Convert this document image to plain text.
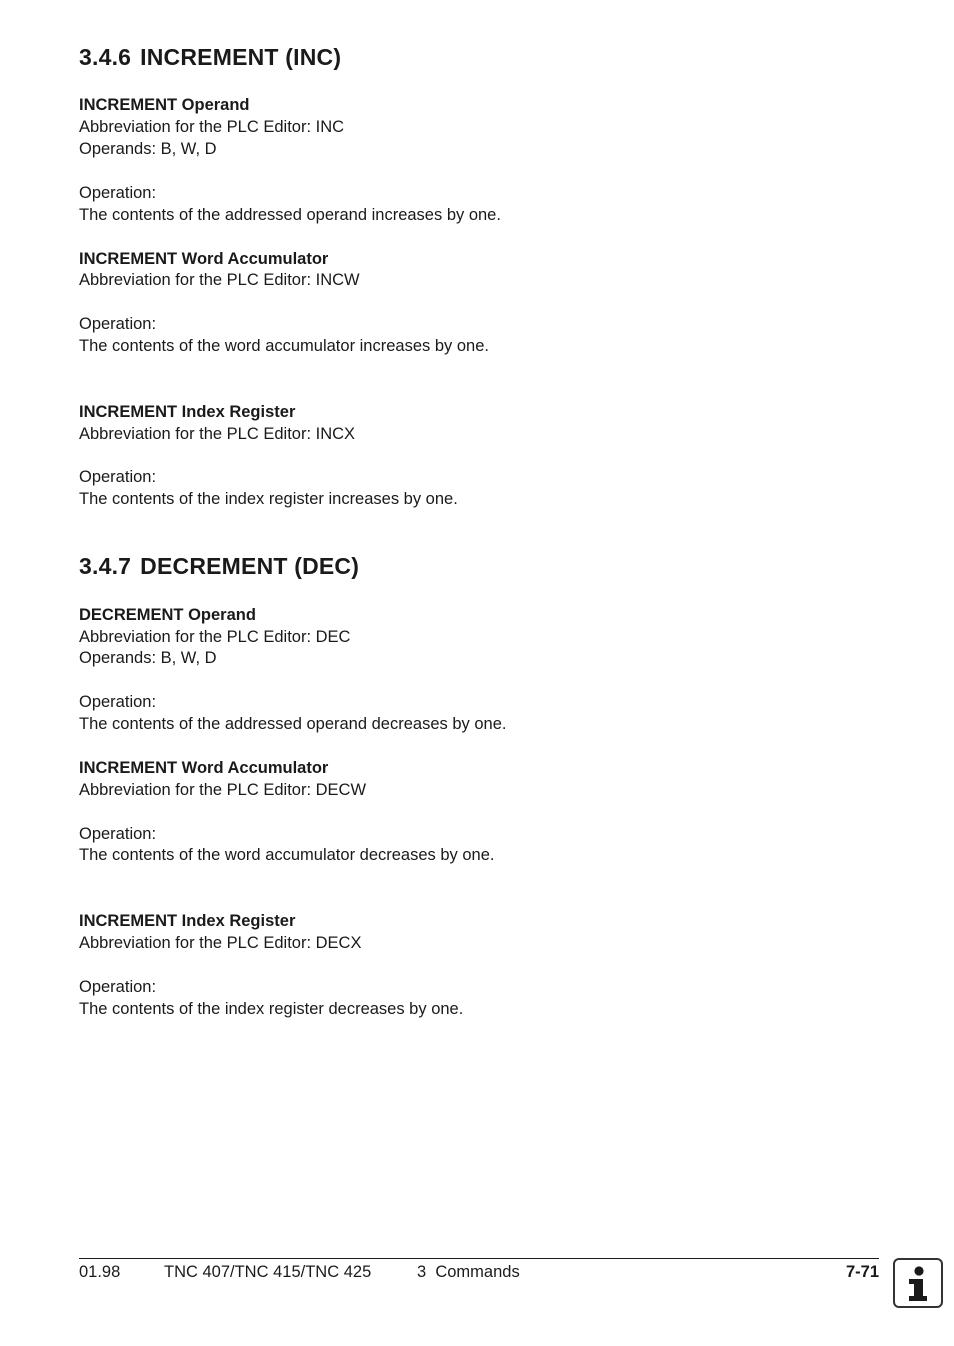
3.4.6 INCREMENT (INC)
INCREMENT Operand
Abbreviation for the PLC Editor: INC
Operands: B, W, D
Operation:
The contents of the addressed operand increases by one.
INCREMENT Word Accumulator
Abbreviation for the PLC Editor: INCW
Operation:
The contents of the word accumulator increases by one.
INCREMENT Index Register
Abbreviation for the PLC Editor: INCX
Operation:
The contents of the index register increases by one.
3.4.7 DECREMENT (DEC)
DECREMENT Operand
Abbreviation for the PLC Editor: DEC
Operands: B, W, D
Operation:
The contents of the addressed operand decreases by one.
INCREMENT Word Accumulator
Abbreviation for the PLC Editor: DECW
Operation:
The contents of the word accumulator decreases by one.
INCREMENT Index Register
Abbreviation for the PLC Editor: DECX
Operation:
The contents of the index register decreases by one.
01.98	TNC 407/TNC 415/TNC 425	3  Commands	7-71
